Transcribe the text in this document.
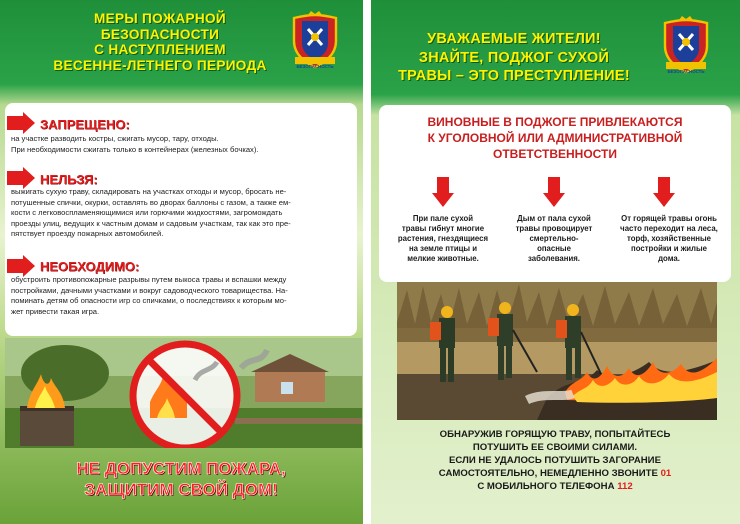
МЕРЫ ПОЖАРНОЙ
БЕЗОПАСНОСТИ
С НАСТУПЛЕНИЕМ
ВЕСЕННЕ-ЛЕТНЕГО ПЕРИОДА	БЕЗОПАСНОСТЬ
ЗАПРЕЩЕНО:
на участке разводить костры, сжигать мусор, тару, отходы.
При необходимости сжигать только в контейнерах (железных бочках).
НЕЛЬЗЯ:
выжигать сухую траву, складировать на участках отходы и мусор, бросать не-
потушенные спички, окурки, оставлять во дворах баллоны с газом, а также ем-
кости с легковоспламеняющимися или горючими жидкостями, загромождать
проезды улиц, ведущих к частным домам и садовым участкам, так как это пре-
пятствует проезду пожарных автомобилей.
НЕОБХОДИМО:
обустроить противопожарные разрывы путем выкоса травы и вспашки между
постройками, дачными участками и вокруг садоводческого товарищества. На-
поминать детям об опасности игр со спичками, о последствиях к которым мо-
жет привести такая игра.
НЕ ДОПУСТИМ ПОЖАРА,
ЗАЩИТИМ СВОЙ ДОМ!
УВАЖАЕМЫЕ ЖИТЕЛИ!
ЗНАЙТЕ, ПОДЖОГ СУХОЙ
ТРАВЫ – ЭТО ПРЕСТУПЛЕНИЕ!	БЕЗОПАСНОСТЬ
ВИНОВНЫЕ В ПОДЖОГЕ ПРИВЛЕКАЮТСЯ
К УГОЛОВНОЙ ИЛИ АДМИНИСТРАТИВНОЙ
ОТВЕТСТВЕННОСТИ
При пале сухой
травы гибнут многие
растения, гнездящиеся
на земле птицы и
мелкие животные.
Дым от пала сухой
травы провоцирует
смертельно-
опасные
заболевания.
От горящей травы огонь
часто переходит на леса,
торф, хозяйственные
постройки и жилые
дома.
ОБНАРУЖИВ ГОРЯЩУЮ ТРАВУ, ПОПЫТАЙТЕСЬ
ПОТУШИТЬ ЕЕ СВОИМИ СИЛАМИ.
ЕСЛИ НЕ УДАЛОСЬ ПОТУШИТЬ ЗАГОРАНИЕ
САМОСТОЯТЕЛЬНО, НЕМЕДЛЕННО ЗВОНИТЕ 01
С МОБИЛЬНОГО ТЕЛЕФОНА 112
